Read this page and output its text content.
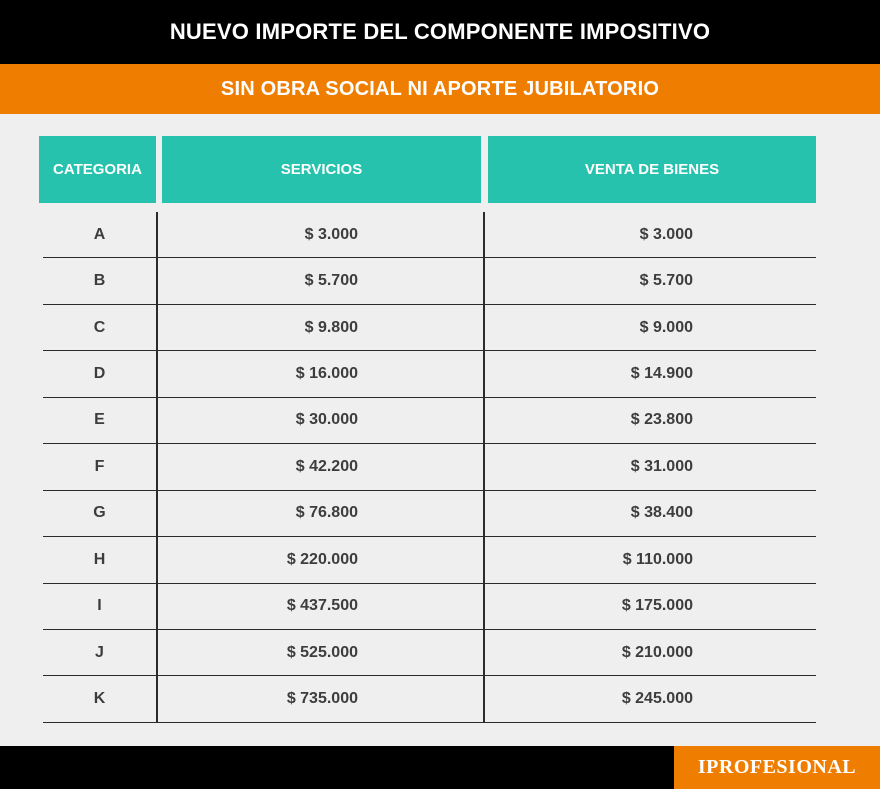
NUEVO IMPORTE DEL COMPONENTE IMPOSITIVO
SIN OBRA SOCIAL NI APORTE JUBILATORIO
CATEGORIA	SERVICIOS	VENTA DE BIENES
A	$ 3.000	$ 3.000
B	$ 5.700	$ 5.700
C	$ 9.800	$ 9.000
D	$ 16.000	$ 14.900
E	$ 30.000	$ 23.800
F	$ 42.200	$ 31.000
G	$ 76.800	$ 38.400
H	$ 220.000	$ 110.000
I	$ 437.500	$ 175.000
J	$ 525.000	$ 210.000
K	$ 735.000	$ 245.000
IPROFESIONAL
